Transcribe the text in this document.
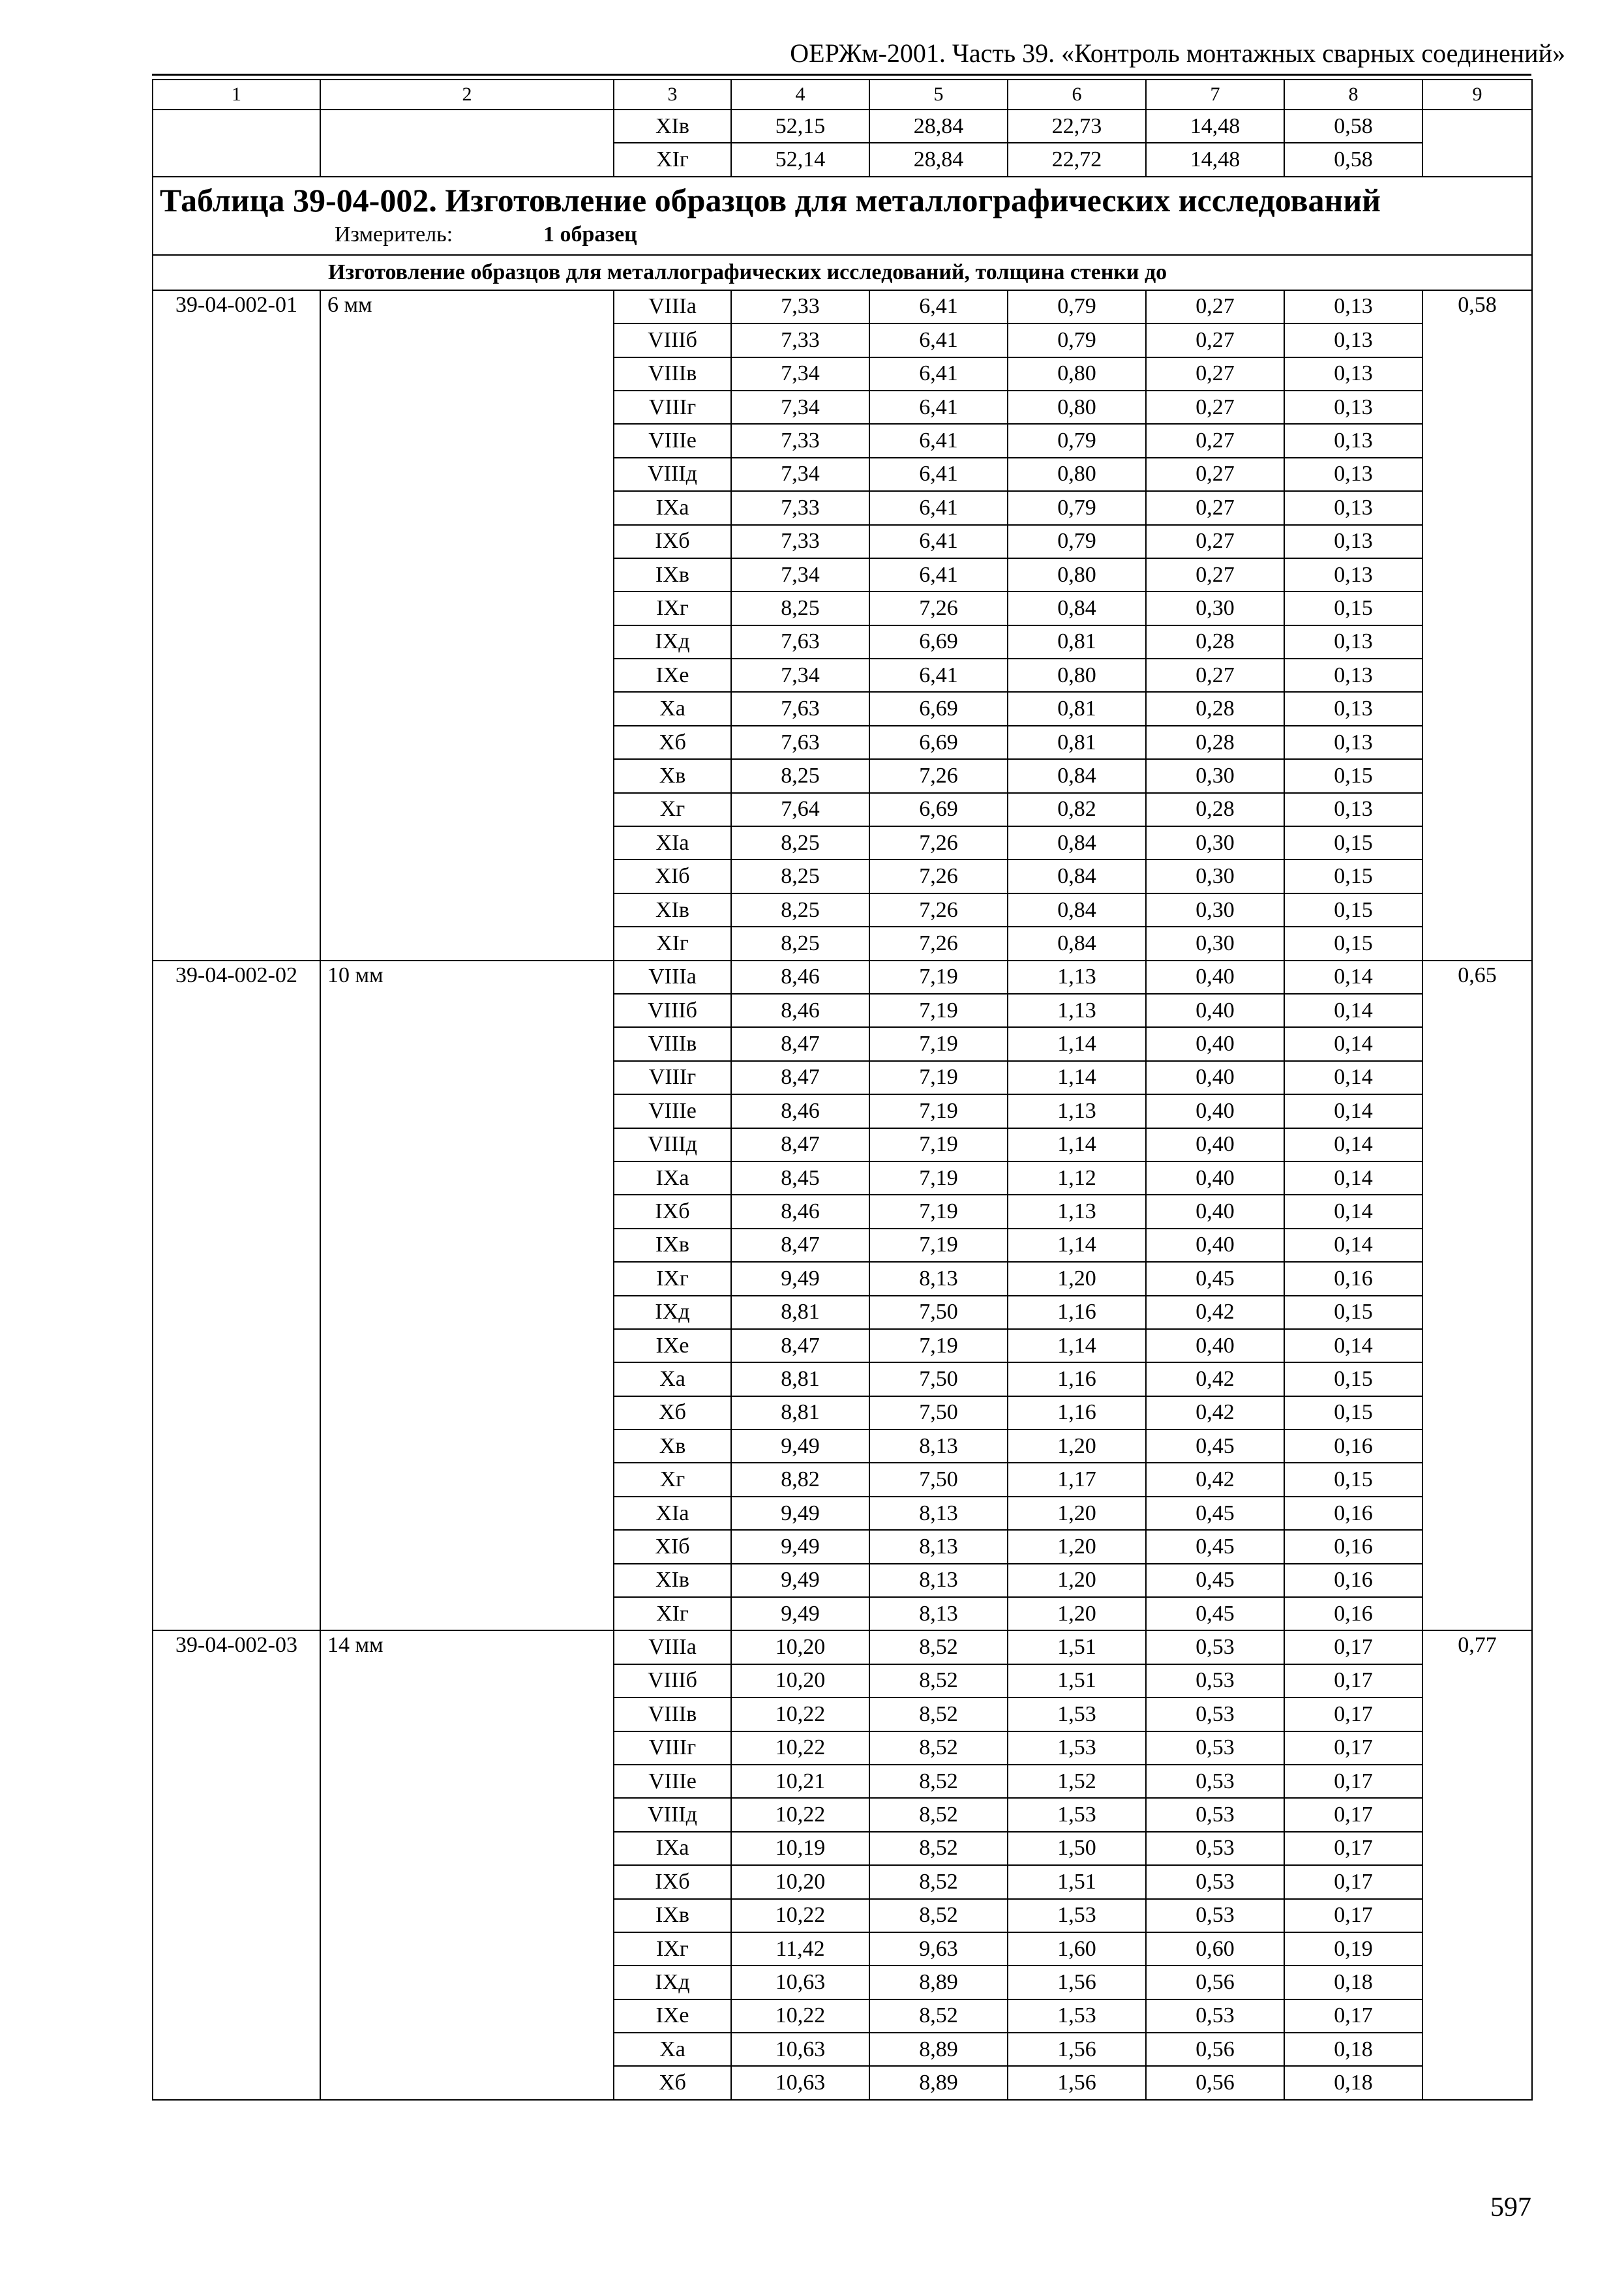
ОЕРЖм-2001. Часть 39. «Контроль монтажных сварных соединений»
1	2	3	4	5	6	7	8	9
		XIв	52,15	28,84	22,73	14,48	0,58	
		XIг	52,14	28,84	22,72	14,48	0,58	

Таблица 39-04-002. Изготовление образцов для металлографических исследований
Измеритель: 1 образец								

Изготовление образцов для металлографических исследований, толщина стенки до								
39-04-002-01	6 мм	VIIIа	7,33	6,41	0,79	0,27	0,13	0,58
		VIIIб	7,33	6,41	0,79	0,27	0,13	
		VIIIв	7,34	6,41	0,80	0,27	0,13	
		VIIIг	7,34	6,41	0,80	0,27	0,13	
		VIIIе	7,33	6,41	0,79	0,27	0,13	
		VIIIд	7,34	6,41	0,80	0,27	0,13	
		IXа	7,33	6,41	0,79	0,27	0,13	
		IXб	7,33	6,41	0,79	0,27	0,13	
		IXв	7,34	6,41	0,80	0,27	0,13	
		IXг	8,25	7,26	0,84	0,30	0,15	
		IXд	7,63	6,69	0,81	0,28	0,13	
		IXе	7,34	6,41	0,80	0,27	0,13	
		Xа	7,63	6,69	0,81	0,28	0,13	
		Xб	7,63	6,69	0,81	0,28	0,13	
		Xв	8,25	7,26	0,84	0,30	0,15	
		Xг	7,64	6,69	0,82	0,28	0,13	
		XIа	8,25	7,26	0,84	0,30	0,15	
		XIб	8,25	7,26	0,84	0,30	0,15	
		XIв	8,25	7,26	0,84	0,30	0,15	
		XIг	8,25	7,26	0,84	0,30	0,15	
39-04-002-02	10 мм	VIIIа	8,46	7,19	1,13	0,40	0,14	0,65
		VIIIб	8,46	7,19	1,13	0,40	0,14	
		VIIIв	8,47	7,19	1,14	0,40	0,14	
		VIIIг	8,47	7,19	1,14	0,40	0,14	
		VIIIе	8,46	7,19	1,13	0,40	0,14	
		VIIIд	8,47	7,19	1,14	0,40	0,14	
		IXа	8,45	7,19	1,12	0,40	0,14	
		IXб	8,46	7,19	1,13	0,40	0,14	
		IXв	8,47	7,19	1,14	0,40	0,14	
		IXг	9,49	8,13	1,20	0,45	0,16	
		IXд	8,81	7,50	1,16	0,42	0,15	
		IXе	8,47	7,19	1,14	0,40	0,14	
		Xа	8,81	7,50	1,16	0,42	0,15	
		Xб	8,81	7,50	1,16	0,42	0,15	
		Xв	9,49	8,13	1,20	0,45	0,16	
		Xг	8,82	7,50	1,17	0,42	0,15	
		XIа	9,49	8,13	1,20	0,45	0,16	
		XIб	9,49	8,13	1,20	0,45	0,16	
		XIв	9,49	8,13	1,20	0,45	0,16	
		XIг	9,49	8,13	1,20	0,45	0,16	
39-04-002-03	14 мм	VIIIа	10,20	8,52	1,51	0,53	0,17	0,77
		VIIIб	10,20	8,52	1,51	0,53	0,17	
		VIIIв	10,22	8,52	1,53	0,53	0,17	
		VIIIг	10,22	8,52	1,53	0,53	0,17	
		VIIIе	10,21	8,52	1,52	0,53	0,17	
		VIIIд	10,22	8,52	1,53	0,53	0,17	
		IXа	10,19	8,52	1,50	0,53	0,17	
		IXб	10,20	8,52	1,51	0,53	0,17	
		IXв	10,22	8,52	1,53	0,53	0,17	
		IXг	11,42	9,63	1,60	0,60	0,19	
		IXд	10,63	8,89	1,56	0,56	0,18	
		IXе	10,22	8,52	1,53	0,53	0,17	
		Xа	10,63	8,89	1,56	0,56	0,18	
		Xб	10,63	8,89	1,56	0,56	0,18	
597
